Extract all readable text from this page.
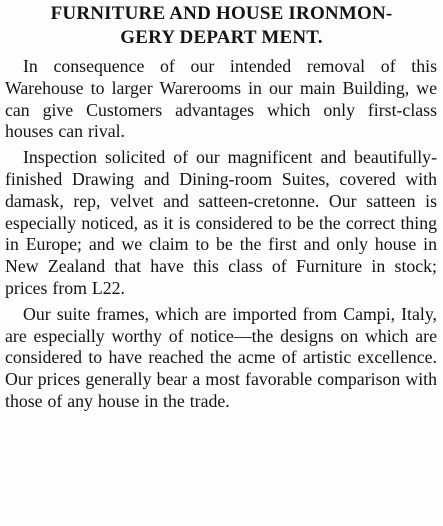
FURNITURE AND HOUSE IRONMON-
GERY DEPART MENT.

In consequence of our intended removal of this Warehouse to larger Warerooms in our main Building, we can give Customers advantages which only first-class houses can rival.

Inspection solicited of our magnificent and beautifully-finished Drawing and Dining-room Suites, covered with damask, rep, velvet and satteen-cretonne. Our satteen is especially noticed, as it is considered to be the correct thing in Europe; and we claim to be the first and only house in New Zealand that have this class of Furniture in stock; prices from L22.

Our suite frames, which are imported from Campi, Italy, are especially worthy of notice—the designs on which are considered to have reached the acme of artistic excellence. Our prices generally bear a most favorable comparison with those of any house in the trade.
